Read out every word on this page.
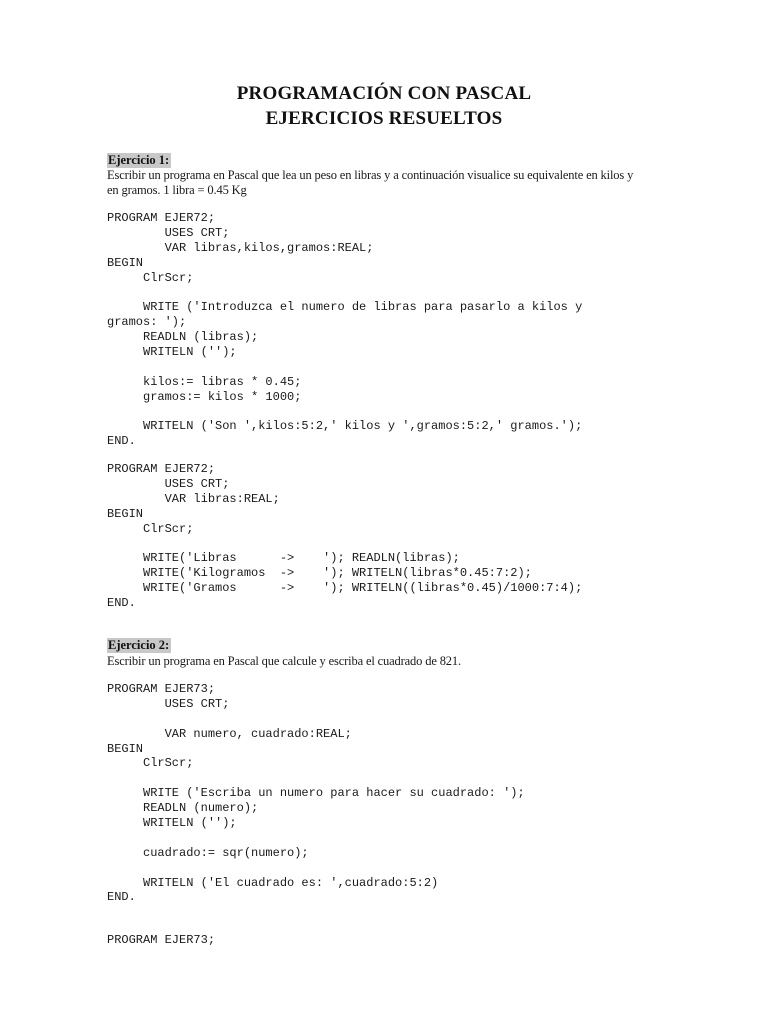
PROGRAMACIÓN CON PASCAL
EJERCICIOS RESUELTOS
Ejercicio 1:
Escribir un programa en Pascal que lea un peso en libras y a continuación visualice su equivalente en kilos y
en gramos. 1 libra = 0.45 Kg
PROGRAM EJER72;
USES CRT;
VAR libras,kilos,gramos:REAL;
BEGIN
ClrScr;
WRITE ('Introduzca el numero de libras para pasarlo a kilos y
gramos: ');
READLN (libras);
WRITELN ('');
kilos:= libras * 0.45;
gramos:= kilos * 1000;
WRITELN ('Son ',kilos:5:2,' kilos y ',gramos:5:2,' gramos.');
END.
PROGRAM EJER72;
USES CRT;
VAR libras:REAL;
BEGIN
ClrScr;
WRITE('Libras      ->    '); READLN(libras);
WRITE('Kilogramos  ->    '); WRITELN(libras*0.45:7:2);
WRITE('Gramos      ->    '); WRITELN((libras*0.45)/1000:7:4);
END.
Ejercicio 2:
Escribir un programa en Pascal que calcule y escriba el cuadrado de 821.
PROGRAM EJER73;
USES CRT;
VAR numero, cuadrado:REAL;
BEGIN
ClrScr;
WRITE ('Escriba un numero para hacer su cuadrado: ');
READLN (numero);
WRITELN ('');
cuadrado:= sqr(numero);
WRITELN ('El cuadrado es: ',cuadrado:5:2)
END.
PROGRAM EJER73;
